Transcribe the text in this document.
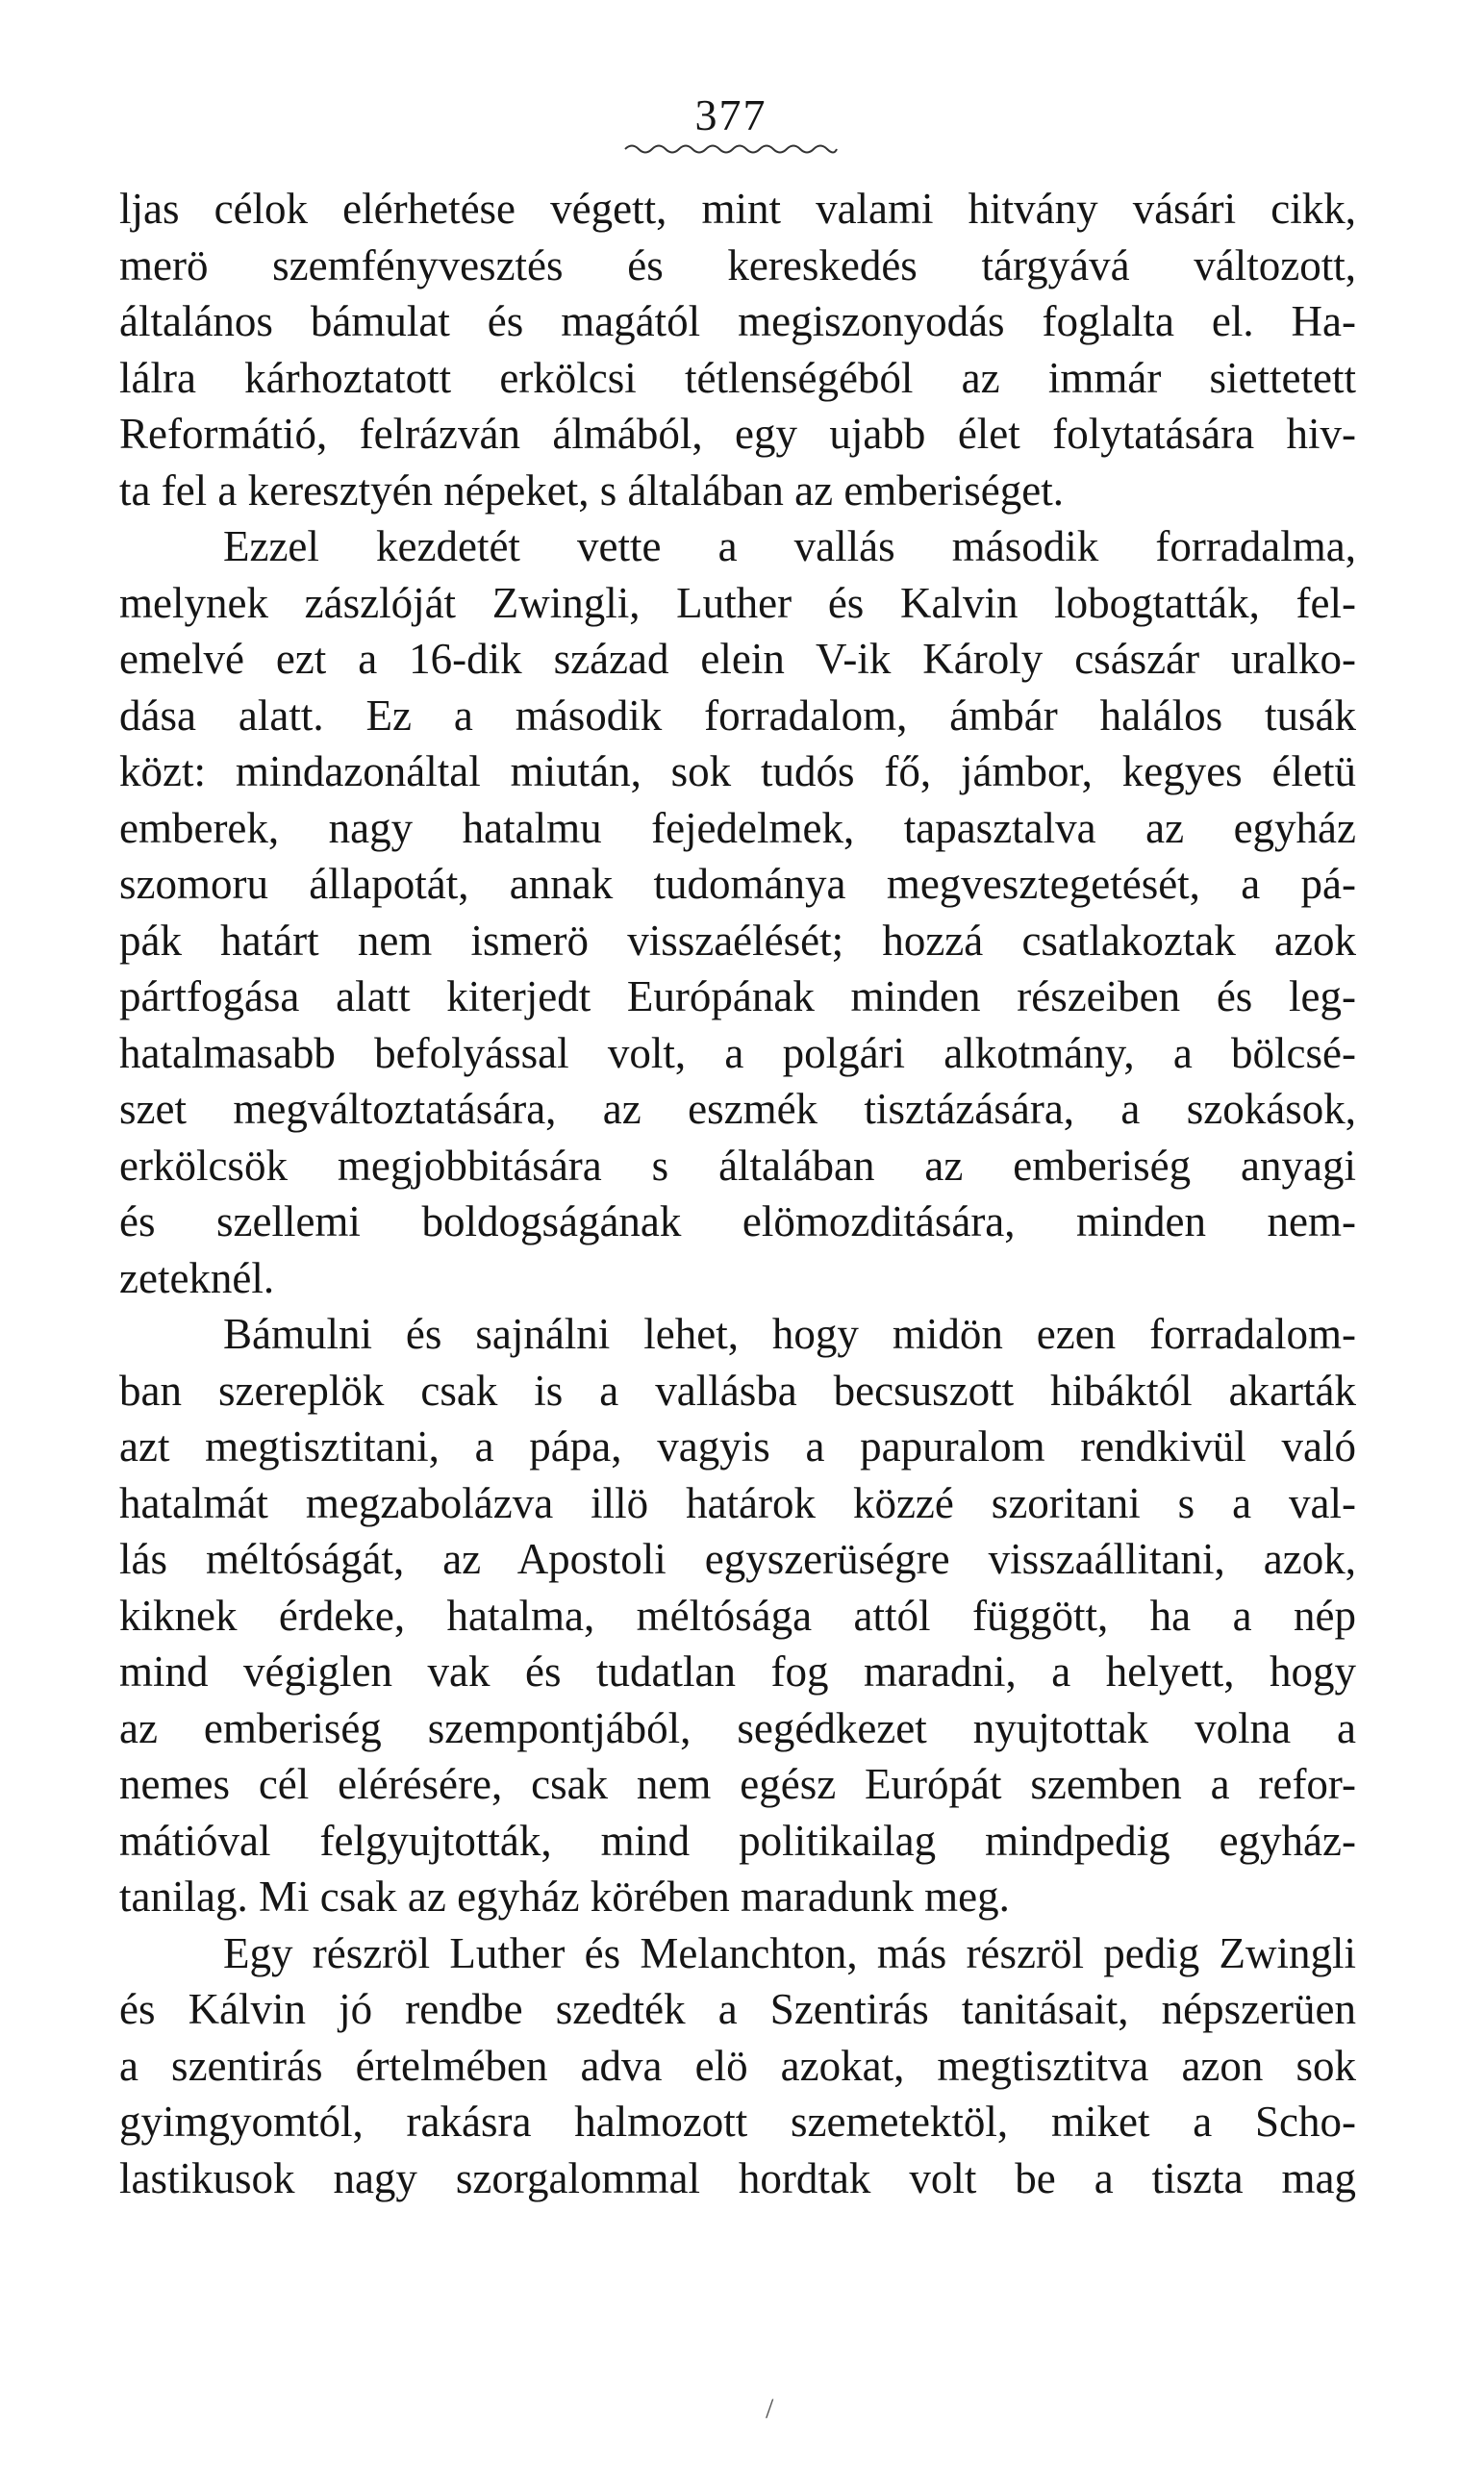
377
ljas célok elérhetése végett, mint valami hitvány vásári cikk,
merö szemfényvesztés és kereskedés tárgyává változott,
általános bámulat és magától megiszonyodás foglalta el. Ha-
lálra kárhoztatott erkölcsi tétlenségéból az immár siettetett
Reformátió, felrázván álmából, egy ujabb élet folytatására hiv-
ta fel a keresztyén népeket, s általában az emberiséget.
Ezzel kezdetét vette a vallás második forradalma,
melynek zászlóját Zwingli, Luther és Kalvin lobogtatták, fel-
emelvé ezt a 16-dik század elein V-ik Károly császár uralko-
dása alatt. Ez a második forradalom, ámbár halálos tusák
közt: mindazonáltal miután, sok tudós fő, jámbor, kegyes életü
emberek, nagy hatalmu fejedelmek, tapasztalva az egyház
szomoru állapotát, annak tudománya megvesztegetését, a pá-
pák határt nem ismerö visszaélését; hozzá csatlakoztak azok
pártfogása alatt kiterjedt Európának minden részeiben és leg-
hatalmasabb befolyással volt, a polgári alkotmány, a bölcsé-
szet megváltoztatására, az eszmék tisztázására, a szokások,
erkölcsök megjobbitására s általában az emberiség anyagi
és szellemi boldogságának elömozditására, minden nem-
zeteknél.
Bámulni és sajnálni lehet, hogy midön ezen forradalom-
ban szereplök csak is a vallásba becsuszott hibáktól akarták
azt megtisztitani, a pápa, vagyis a papuralom rendkivül való
hatalmát megzabolázva illö határok közzé szoritani s a val-
lás méltóságát, az Apostoli egyszerüségre visszaállitani, azok,
kiknek érdeke, hatalma, méltósága attól függött, ha a nép
mind végiglen vak és tudatlan fog maradni, a helyett, hogy
az emberiség szempontjából, segédkezet nyujtottak volna a
nemes cél elérésére, csak nem egész Európát szemben a refor-
mátióval felgyujtották, mind politikailag mindpedig egyház-
tanilag. Mi csak az egyház körében maradunk meg.
Egy részröl Luther és Melanchton, más részröl pedig Zwingli
és Kálvin jó rendbe szedték a Szentirás tanitásait, népszerüen
a szentirás értelmében adva elö azokat, megtisztitva azon sok
gyimgyomtól, rakásra halmozott szemetektöl, miket a Scho-
lastikusok nagy szorgalommal hordtak volt be a tiszta mag
/
